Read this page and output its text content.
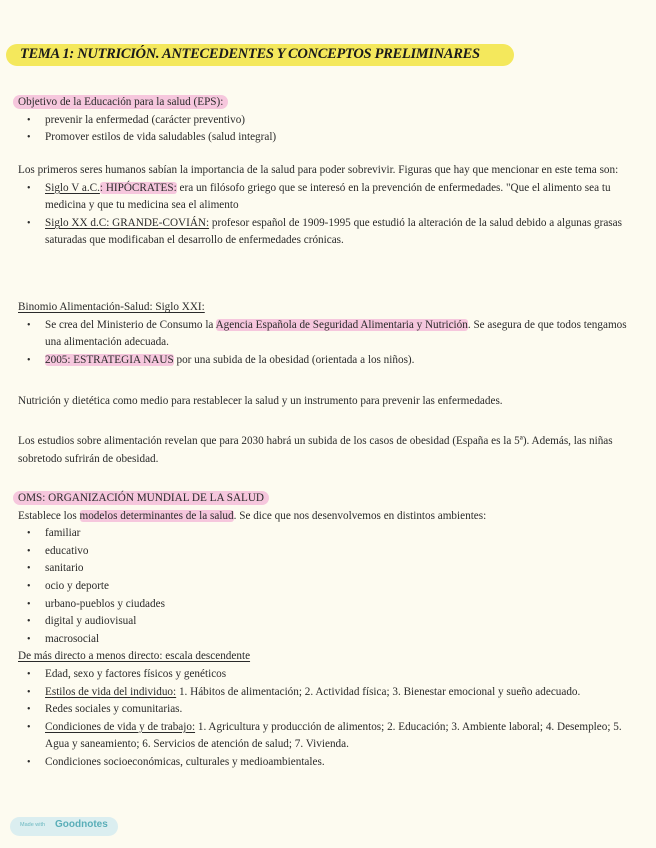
TEMA 1: NUTRICIÓN. ANTECEDENTES Y CONCEPTOS PRELIMINARES
Objetivo de la Educación para la salud (EPS):
• prevenir la enfermedad (carácter preventivo)
• Promover estilos de vida saludables (salud integral)

Los primeros seres humanos sabían la importancia de la salud para poder sobrevivir. Figuras que hay que mencionar en este tema son:

• Siglo V a.C.: HIPÓCRATES: era un filósofo griego que se interesó en la prevención de enfermedades. "Que el alimento sea tu medicina y que tu medicina sea el alimento
• Siglo XX d.C: GRANDE-COVIÁN: profesor español de 1909-1995 que estudió la alteración de la salud debido a algunas grasas saturadas que modificaban el desarrollo de enfermedades crónicas.
Binomio Alimentación-Salud: Siglo XXI:
• Se crea del Ministerio de Consumo la Agencia Española de Seguridad Alimentaria y Nutrición. Se asegura de que todos tengamos una alimentación adecuada.
• 2005: ESTRATEGIA NAUS por una subida de la obesidad (orientada a los niños).

Nutrición y dietética como medio para restablecer la salud y un instrumento para prevenir las enfermedades.

Los estudios sobre alimentación revelan que para 2030 habrá un subida de los casos de obesidad (España es la 5ª). Además, las niñas sobretodo sufrirán de obesidad.

OMS: ORGANIZACIÓN MUNDIAL DE LA SALUD

Establece los modelos determinantes de la salud. Se dice que nos desenvolvemos en distintos ambientes:

• familiar
• educativo
• sanitario
• ocio y deporte
• urbano-pueblos y ciudades
• digital y audiovisual
• macrosocial
De más directo a menos directo: escala descendente
• Edad, sexo y factores físicos y genéticos
• Estilos de vida del individuo: 1. Hábitos de alimentación; 2. Actividad física; 3. Bienestar emocional y sueño adecuado.
• Redes sociales y comunitarias.
• Condiciones de vida y de trabajo: 1. Agricultura y producción de alimentos; 2. Educación; 3. Ambiente laboral; 4. Desempleo; 5. Agua y saneamiento; 6. Servicios de atención de salud; 7. Vivienda.
• Condiciones socioeconómicas, culturales y medioambientales.
Made with Goodnotes
